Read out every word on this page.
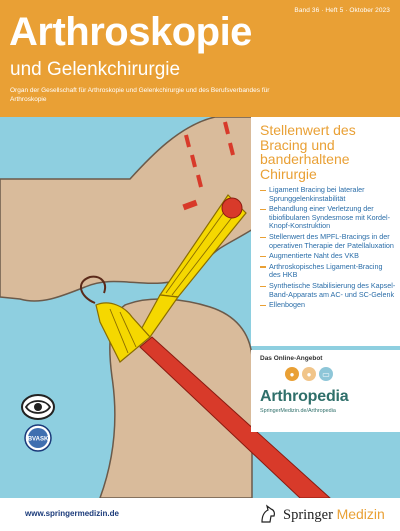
Band 36 · Heft 5 · Oktober 2023
Arthroskopie
und Gelenkchirurgie
Organ der Gesellschaft für Arthroskopie und Gelenkchirurgie und des Berufsverbandes für Arthroskopie
Stellenwert des Bracing und banderhaltene Chirurgie
Ligament Bracing bei lateraler Sprunggelenkinstabilität
Behandlung einer Verletzung der tibiofibularen Syndesmose mit Kordel-Knopf-Konstruktion
Stellenwert des MPFL-Bracings in der operativen Therapie der Patellaluxation
Augmentierte Naht des VKB
Arthroskopisches Ligament-Bracing des HKB
Synthetische Stabilisierung des Kapsel-Band-Apparats am AC- und SC-Gelenk
Ellenbogen
Das Online-Angebot
●	●	▭
Arthropedia
SpringerMedizin.de/Arthropedia
BVASK
www.springermedizin.de	Springer Medizin
